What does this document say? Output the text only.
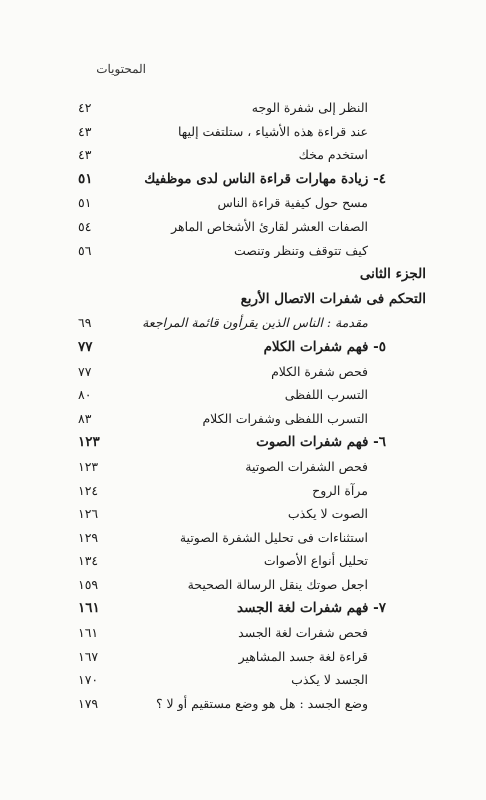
المحتويات
النظر إلى شفرة الوجه
٤٢
عند قراءة هذه الأشياء ، ستلتفت إليها
٤٣
استخدم مخك
٤٣
٤- زيادة مهارات قراءة الناس لدى موظفيك
٥١
مسح حول كيفية قراءة الناس
٥١
الصفات العشر لقارئ الأشخاص الماهر
٥٤
كيف تتوقف وتنظر وتنصت
٥٦
الجزء الثانى
التحكم فى شفرات الاتصال الأربع
مقدمة : الناس الذين يقرأون قائمة المراجعة
٦٩
٥- فهم شفرات الكلام
٧٧
فحص شفرة الكلام
٧٧
التسرب اللفظى
٨٠
التسرب اللفظى وشفرات الكلام
٨٣
٦- فهم شفرات الصوت
١٢٣
فحص الشفرات الصوتية
١٢٣
مرآة الروح
١٢٤
الصوت لا يكذب
١٢٦
استثناءات فى تحليل الشفرة الصوتية
١٢٩
تحليل أنواع الأصوات
١٣٤
اجعل صوتك ينقل الرسالة الصحيحة
١٥٩
٧- فهم شفرات لغة الجسد
١٦١
فحص شفرات لغة الجسد
١٦١
قراءة لغة جسد المشاهير
١٦٧
الجسد لا يكذب
١٧٠
وضع الجسد : هل هو وضع مستقيم أو لا ؟
١٧٩
